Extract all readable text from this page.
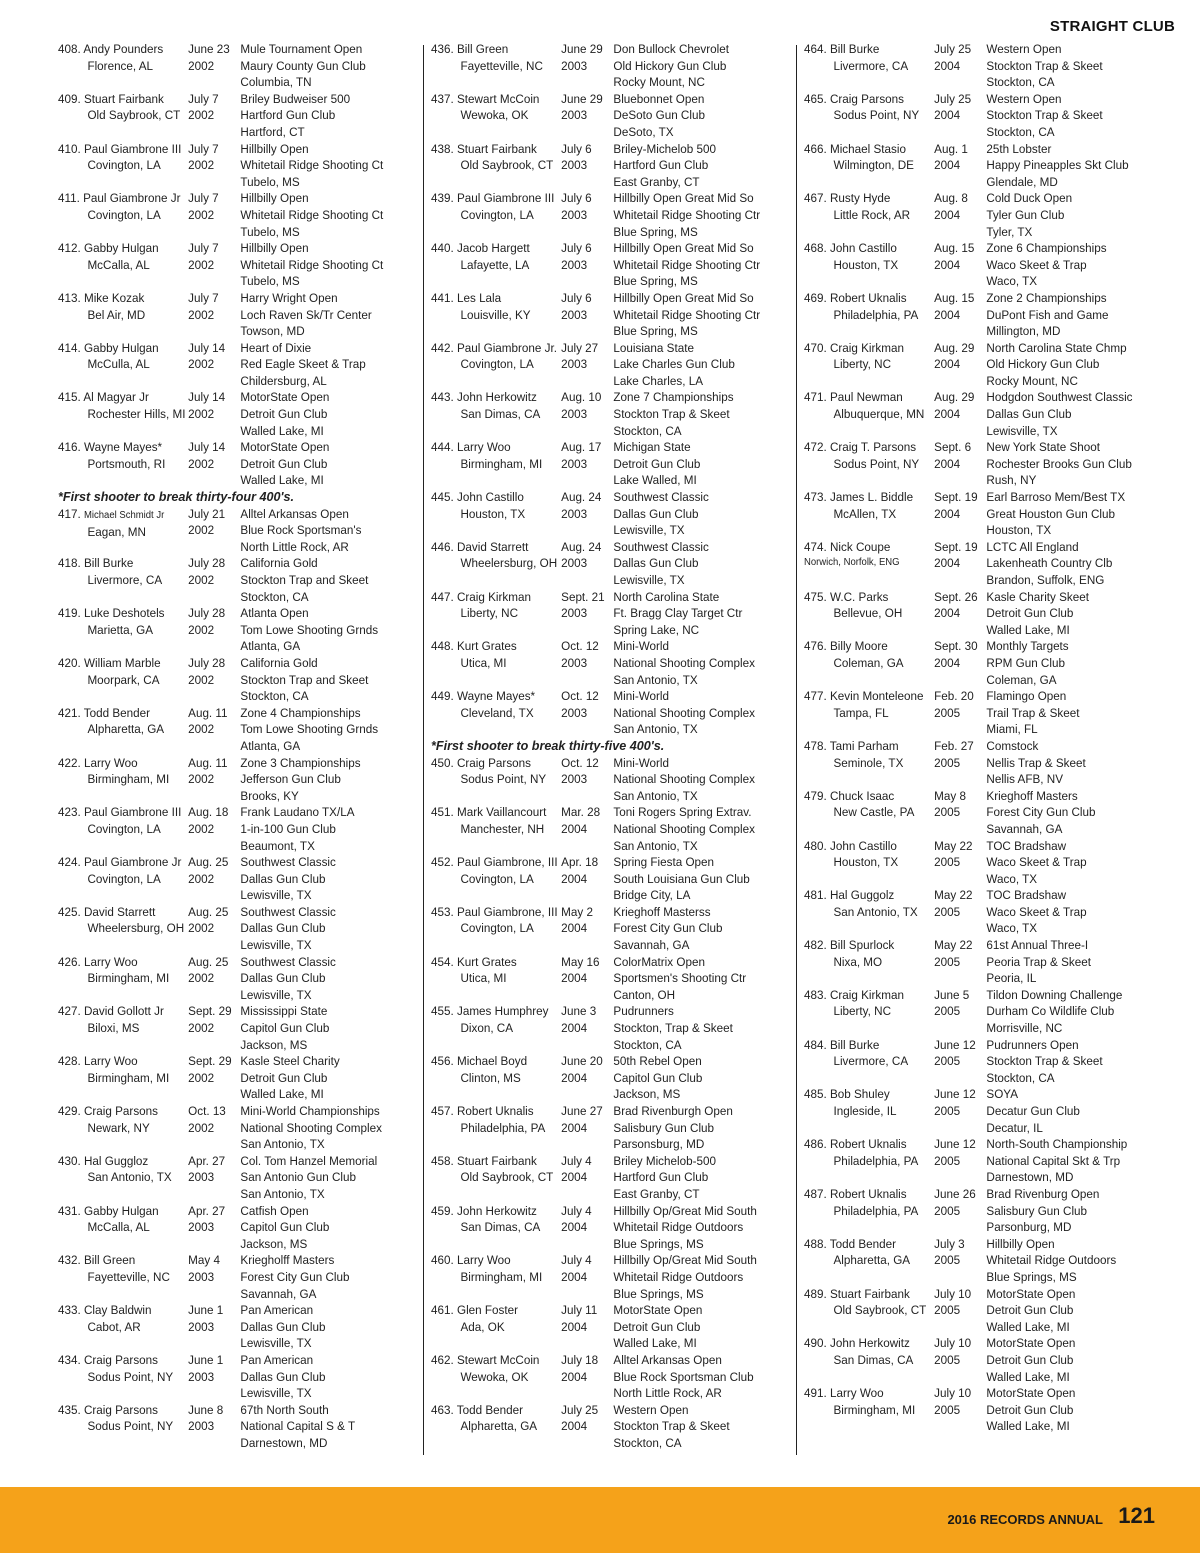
STRAIGHT CLUB
408. Andy Pounders
Florence, AL
June 23
2002
Mule Tournament Open
Maury County Gun Club
Columbia, TN
409. Stuart Fairbank
Old Saybrook, CT
July 7
2002
Briley Budweiser 500
Hartford Gun Club
Hartford, CT
410. Paul Giambrone III
Covington, LA
July 7
2002
Hillbilly Open
Whitetail Ridge Shooting Ct
Tubelo, MS
411. Paul Giambrone Jr
Covington, LA
July 7
2002
Hillbilly Open
Whitetail Ridge Shooting Ct
Tubelo, MS
412. Gabby Hulgan
McCalla, AL
July 7
2002
Hillbilly Open
Whitetail Ridge Shooting Ct
Tubelo, MS
413. Mike Kozak
Bel Air, MD
July 7
2002
Harry Wright Open
Loch Raven Sk/Tr Center
Towson, MD
414. Gabby Hulgan
McCulla, AL
July 14
2002
Heart of Dixie
Red Eagle Skeet & Trap
Childersburg, AL
415. Al Magyar Jr
Rochester Hills, MI
July 14
2002
MotorState Open
Detroit Gun Club
Walled Lake, MI
416. Wayne Mayes*
Portsmouth, RI
July 14
2002
MotorState Open
Detroit Gun Club
Walled Lake, MI
*First shooter to break thirty-four 400's.
417. Michael Schmidt Jr
Eagan, MN
July 21
2002
Alltel Arkansas Open
Blue Rock Sportsman's
North Little Rock, AR
418. Bill Burke
Livermore, CA
July 28
2002
California Gold
Stockton Trap and Skeet
Stockton, CA
419. Luke Deshotels
Marietta, GA
July 28
2002
Atlanta Open
Tom Lowe Shooting Grnds
Atlanta, GA
420. William Marble
Moorpark, CA
July 28
2002
California Gold
Stockton Trap and Skeet
Stockton, CA
421. Todd Bender
Alpharetta, GA
Aug. 11
2002
Zone 4 Championships
Tom Lowe Shooting Grnds
Atlanta, GA
422. Larry Woo
Birmingham, MI
Aug. 11
2002
Zone 3 Championships
Jefferson Gun Club
Brooks, KY
423. Paul Giambrone III
Covington, LA
Aug. 18
2002
Frank Laudano TX/LA
1-in-100 Gun Club
Beaumont, TX
424. Paul Giambrone Jr
Covington, LA
Aug. 25
2002
Southwest Classic
Dallas Gun Club
Lewisville, TX
425. David Starrett
Wheelersburg, OH
Aug. 25
2002
Southwest Classic
Dallas Gun Club
Lewisville, TX
426. Larry Woo
Birmingham, MI
Aug. 25
2002
Southwest Classic
Dallas Gun Club
Lewisville, TX
427. David Gollott Jr
Biloxi, MS
Sept. 29
2002
Mississippi State
Capitol Gun Club
Jackson, MS
428. Larry Woo
Birmingham, MI
Sept. 29
2002
Kasle Steel Charity
Detroit Gun Club
Walled Lake, MI
429. Craig Parsons
Newark, NY
Oct. 13
2002
Mini-World Championships
National Shooting Complex
San Antonio, TX
430. Hal Guggloz
San Antonio, TX
Apr. 27
2003
Col. Tom Hanzel Memorial
San Antonio Gun Club
San Antonio, TX
431. Gabby Hulgan
McCalla, AL
Apr. 27
2003
Catfish Open
Capitol Gun Club
Jackson, MS
432. Bill Green
Fayetteville, NC
May 4
2003
Kriegholff Masters
Forest City Gun Club
Savannah, GA
433. Clay Baldwin
Cabot, AR
June 1
2003
Pan American
Dallas Gun Club
Lewisville, TX
434. Craig Parsons
Sodus Point, NY
June 1
2003
Pan American
Dallas Gun Club
Lewisville, TX
435. Craig Parsons
Sodus Point, NY
June 8
2003
67th North South
National Capital S & T
Darnestown, MD
436. Bill Green
Fayetteville, NC
June 29
2003
Don Bullock Chevrolet
Old Hickory Gun Club
Rocky Mount, NC
437. Stewart McCoin
Wewoka, OK
June 29
2003
Bluebonnet Open
DeSoto Gun Club
DeSoto, TX
438. Stuart Fairbank
Old Saybrook, CT
July 6
2003
Briley-Michelob 500
Hartford Gun Club
East Granby, CT
439. Paul Giambrone III
Covington, LA
July 6
2003
Hillbilly Open Great Mid So
Whitetail Ridge Shooting Ctr
Blue Spring, MS
440. Jacob Hargett
Lafayette, LA
July 6
2003
Hillbilly Open Great Mid So
Whitetail Ridge Shooting Ctr
Blue Spring, MS
441. Les Lala
Louisville, KY
July 6
2003
Hillbilly Open Great Mid So
Whitetail Ridge Shooting Ctr
Blue Spring, MS
442. Paul Giambrone Jr.
Covington, LA
July 27
2003
Louisiana State
Lake Charles Gun Club
Lake Charles, LA
443. John Herkowitz
San Dimas, CA
Aug. 10
2003
Zone 7 Championships
Stockton Trap & Skeet
Stockton, CA
444. Larry Woo
Birmingham, MI
Aug. 17
2003
Michigan State
Detroit Gun Club
Lake Walled, MI
445. John Castillo
Houston, TX
Aug. 24
2003
Southwest Classic
Dallas Gun Club
Lewisville, TX
446. David Starrett
Wheelersburg, OH
Aug. 24
2003
Southwest Classic
Dallas Gun Club
Lewisville, TX
447. Craig Kirkman
Liberty, NC
Sept. 21
2003
North Carolina State
Ft. Bragg Clay Target Ctr
Spring Lake, NC
448. Kurt Grates
Utica, MI
Oct. 12
2003
Mini-World
National Shooting Complex
San Antonio, TX
449. Wayne Mayes*
Cleveland, TX
Oct. 12
2003
Mini-World
National Shooting Complex
San Antonio, TX
*First shooter to break thirty-five 400's.
450. Craig Parsons
Sodus Point, NY
Oct. 12
2003
Mini-World
National Shooting Complex
San Antonio, TX
451. Mark Vaillancourt
Manchester, NH
Mar. 28
2004
Toni Rogers Spring Extrav.
National Shooting Complex
San Antonio, TX
452. Paul Giambrone, III
Covington, LA
Apr. 18
2004
Spring Fiesta Open
South Louisiana Gun Club
Bridge City, LA
453. Paul Giambrone, III
Covington, LA
May 2
2004
Krieghoff Masterss
Forest City Gun Club
Savannah, GA
454. Kurt Grates
Utica, MI
May 16
2004
ColorMatrix Open
Sportsmen's Shooting Ctr
Canton, OH
455. James Humphrey
Dixon, CA
June 3
2004
Pudrunners
Stockton, Trap & Skeet
Stockton, CA
456. Michael Boyd
Clinton, MS
June 20
2004
50th Rebel Open
Capitol Gun Club
Jackson, MS
457. Robert Uknalis
Philadelphia, PA
June 27
2004
Brad Rivenburgh Open
Salisbury Gun Club
Parsonsburg, MD
458. Stuart Fairbank
Old Saybrook, CT
July 4
2004
Briley Michelob-500
Hartford Gun Club
East Granby, CT
459. John Herkowitz
San Dimas, CA
July 4
2004
Hillbilly Op/Great Mid South
Whitetail Ridge Outdoors
Blue Springs, MS
460. Larry Woo
Birmingham, MI
July 4
2004
Hillbilly Op/Great Mid South
Whitetail Ridge Outdoors
Blue Springs, MS
461. Glen Foster
Ada, OK
July 11
2004
MotorState Open
Detroit Gun Club
Walled Lake, MI
462. Stewart McCoin
Wewoka, OK
July 18
2004
Alltel Arkansas Open
Blue Rock Sportsman Club
North Little Rock, AR
463. Todd Bender
Alpharetta, GA
July 25
2004
Western Open
Stockton Trap & Skeet
Stockton, CA
464. Bill Burke
Livermore, CA
July 25
2004
Western Open
Stockton Trap & Skeet
Stockton, CA
465. Craig Parsons
Sodus Point, NY
July 25
2004
Western Open
Stockton Trap & Skeet
Stockton, CA
466. Michael Stasio
Wilmington, DE
Aug. 1
2004
25th Lobster
Happy Pineapples Skt Club
Glendale, MD
467. Rusty Hyde
Little Rock, AR
Aug. 8
2004
Cold Duck Open
Tyler Gun Club
Tyler, TX
468. John Castillo
Houston, TX
Aug. 15
2004
Zone 6 Championships
Waco Skeet & Trap
Waco, TX
469. Robert Uknalis
Philadelphia, PA
Aug. 15
2004
Zone 2 Championships
DuPont Fish and Game
Millington, MD
470. Craig Kirkman
Liberty, NC
Aug. 29
2004
North Carolina State Chmp
Old Hickory Gun Club
Rocky Mount, NC
471. Paul Newman
Albuquerque, MN
Aug. 29
2004
Hodgdon Southwest Classic
Dallas Gun Club
Lewisville, TX
472. Craig T. Parsons
Sodus Point, NY
Sept. 6
2004
New York State Shoot
Rochester Brooks Gun Club
Rush, NY
473. James L. Biddle
McAllen, TX
Sept. 19
2004
Earl Barroso Mem/Best TX
Great Houston Gun Club
Houston, TX
474. Nick Coupe
Norwich, Norfolk, ENG
Sept. 19
2004
LCTC All England
Lakenheath Country Clb
Brandon, Suffolk, ENG
475. W.C. Parks
Bellevue, OH
Sept. 26
2004
Kasle Charity Skeet
Detroit Gun Club
Walled Lake, MI
476. Billy Moore
Coleman, GA
Sept. 30
2004
Monthly Targets
RPM Gun Club
Coleman, GA
477. Kevin Monteleone
Tampa, FL
Feb. 20
2005
Flamingo Open
Trail Trap & Skeet
Miami, FL
478. Tami Parham
Seminole, TX
Feb. 27
2005
Comstock
Nellis Trap & Skeet
Nellis AFB, NV
479. Chuck Isaac
New Castle, PA
May 8
2005
Krieghoff Masters
Forest City Gun Club
Savannah, GA
480. John Castillo
Houston, TX
May 22
2005
TOC Bradshaw
Waco Skeet & Trap
Waco, TX
481. Hal Guggolz
San Antonio, TX
May 22
2005
TOC Bradshaw
Waco Skeet & Trap
Waco, TX
482. Bill Spurlock
Nixa, MO
May 22
2005
61st Annual Three-I
Peoria Trap & Skeet
Peoria, IL
483. Craig Kirkman
Liberty, NC
June 5
2005
Tildon Downing Challenge
Durham Co Wildlife Club
Morrisville, NC
484. Bill Burke
Livermore, CA
June 12
2005
Pudrunners Open
Stockton Trap & Skeet
Stockton, CA
485. Bob Shuley
Ingleside, IL
June 12
2005
SOYA
Decatur Gun Club
Decatur, IL
486. Robert Uknalis
Philadelphia, PA
June 12
2005
North-South Championship
National Capital Skt & Trp
Darnestown, MD
487. Robert Uknalis
Philadelphia, PA
June 26
2005
Brad Rivenburg Open
Salisbury Gun Club
Parsonburg, MD
488. Todd Bender
Alpharetta, GA
July 3
2005
Hillbilly Open
Whitetail Ridge Outdoors
Blue Springs, MS
489. Stuart Fairbank
Old Saybrook, CT
July 10
2005
MotorState Open
Detroit Gun Club
Walled Lake, MI
490. John Herkowitz
San Dimas, CA
July 10
2005
MotorState Open
Detroit Gun Club
Walled Lake, MI
491. Larry Woo
Birmingham, MI
July 10
2005
MotorState Open
Detroit Gun Club
Walled Lake, MI
2016 RECORDS ANNUAL 121
